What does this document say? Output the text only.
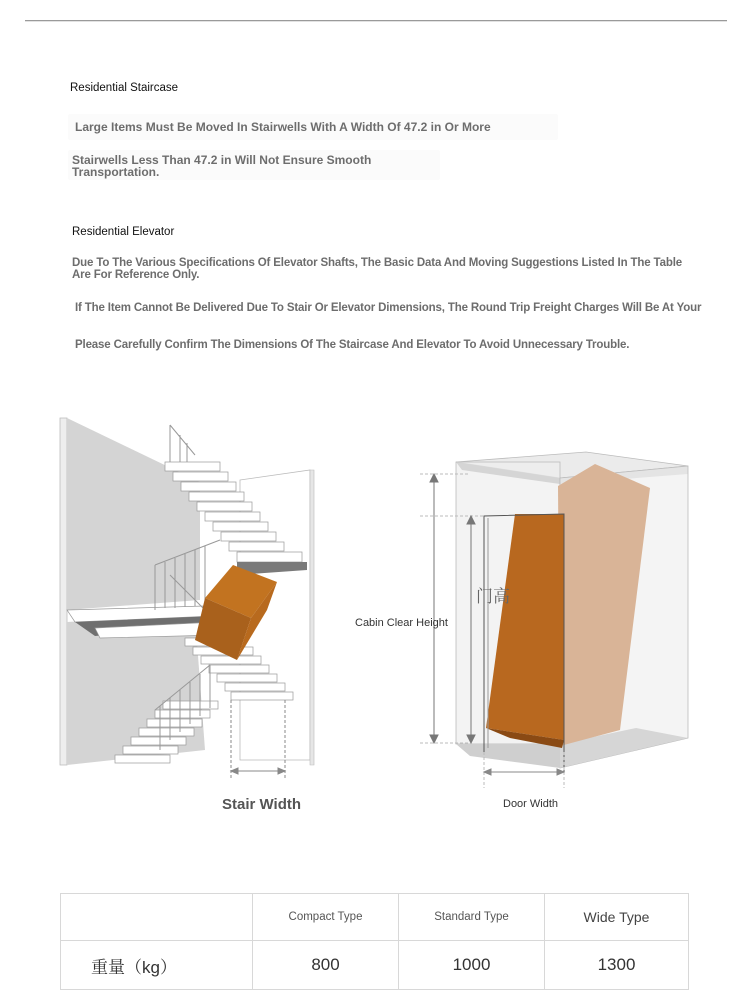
Residential Staircase
Large Items Must Be Moved In Stairwells With A Width Of 47.2 in Or More
Stairwells Less Than 47.2 in Will Not Ensure Smooth Transportation.
Residential Elevator
Due To The Various Specifications Of Elevator Shafts, The Basic Data And Moving Suggestions Listed In The Table Are For Reference Only.
If The Item Cannot Be Delivered Due To Stair Or Elevator Dimensions, The Round Trip Freight Charges Will Be At Your
Please Carefully Confirm The Dimensions Of The Staircase And Elevator To Avoid Unnecessary Trouble.
Stair Width
Cabin Clear Height
门高
Door Width
	Compact Type	Standard Type	Wide Type
重量（kg）	800	1000	1300
